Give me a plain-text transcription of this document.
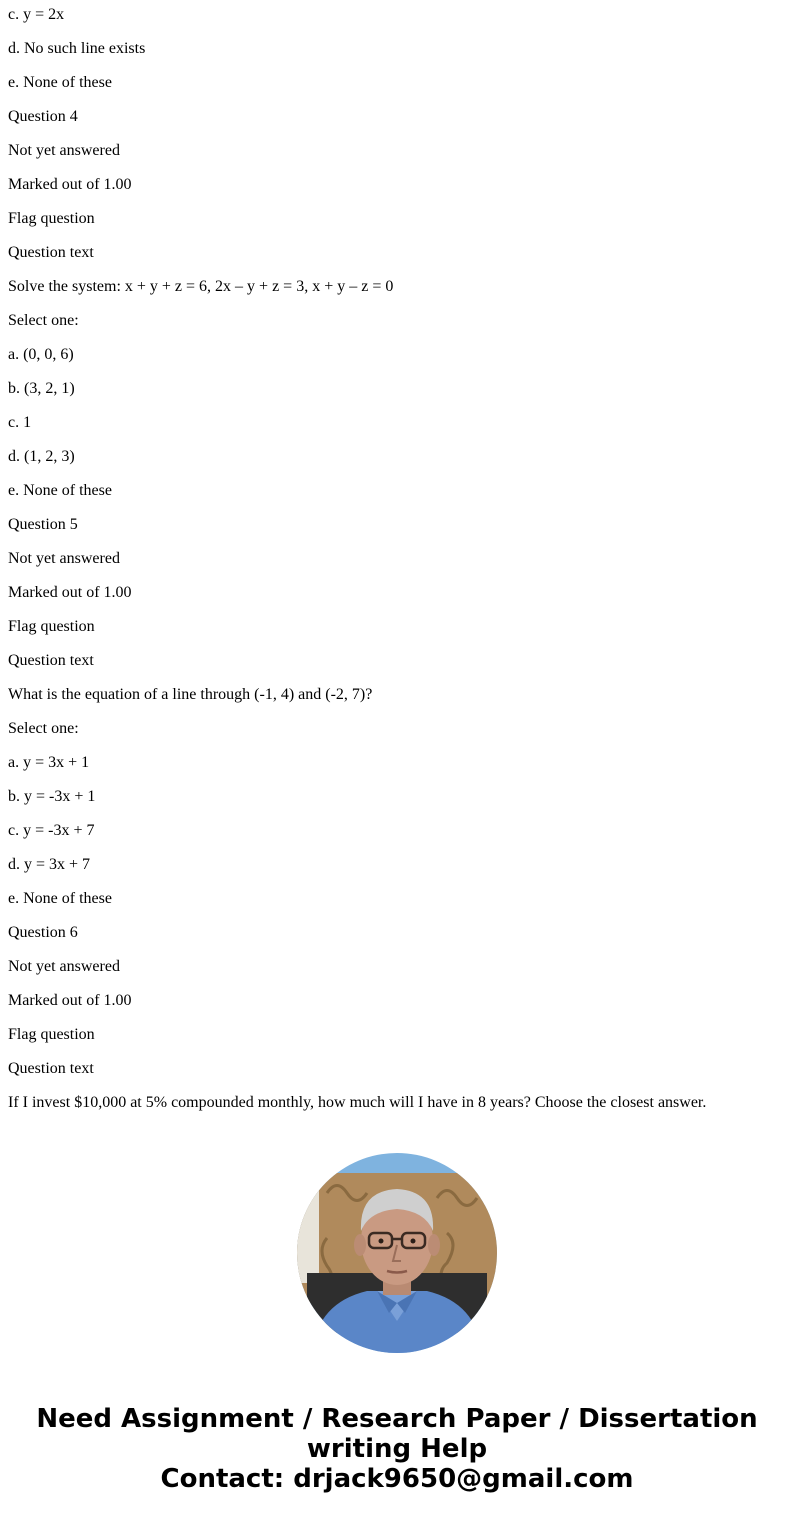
c. y = 2x
d. No such line exists
e. None of these
Question 4
Not yet answered
Marked out of 1.00
Flag question
Question text
Solve the system: x + y + z = 6, 2x – y + z = 3, x + y – z = 0
Select one:
a. (0, 0, 6)
b. (3, 2, 1)
c. 1
d. (1, 2, 3)
e. None of these
Question 5
Not yet answered
Marked out of 1.00
Flag question
Question text
What is the equation of a line through (-1, 4) and (-2, 7)?
Select one:
a. y = 3x + 1
b. y = -3x + 1
c. y = -3x + 7
d. y = 3x + 7
e. None of these
Question 6
Not yet answered
Marked out of 1.00
Flag question
Question text
If I invest $10,000 at 5% compounded monthly, how much will I have in 8 years? Choose the closest answer.
Need Assignment / Research Paper / Dissertation
writing Help
Contact: drjack9650@gmail.com
